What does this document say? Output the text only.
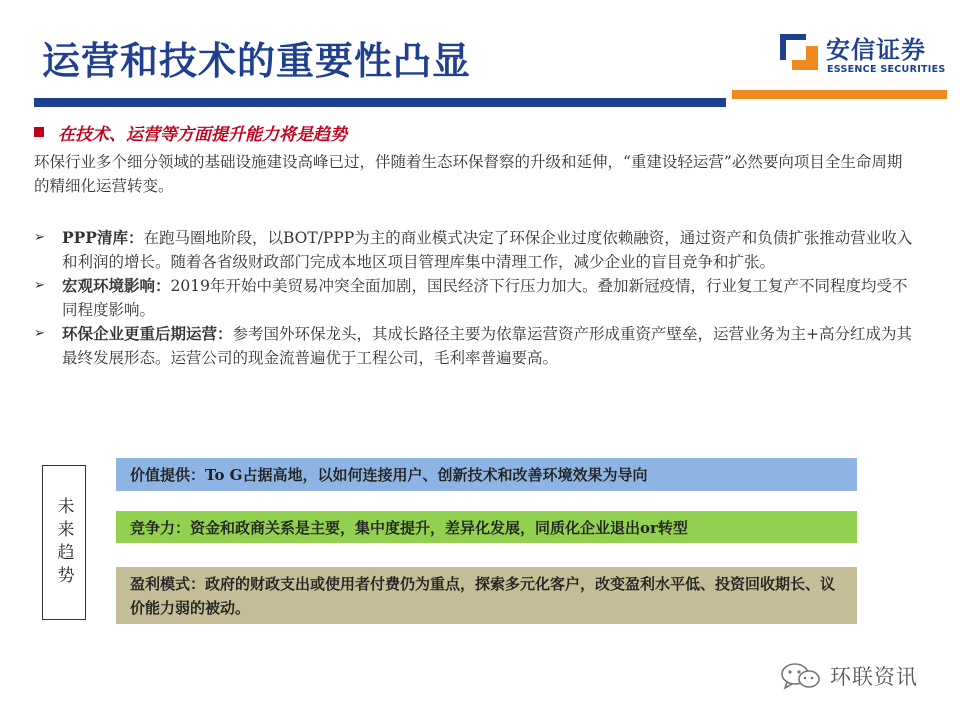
运营和技术的重要性凸显	安信证券
ESSENCE SECURITIES
在技术、运营等方面提升能力将是趋势
环保行业多个细分领域的基础设施建设高峰已过，伴随着生态环保督察的升级和延伸，“重建设轻运营”必然要向项目全生命周期的精细化运营转变。
➢ PPP清库：在跑马圈地阶段，以BOT/PPP为主的商业模式决定了环保企业过度依赖融资，通过资产和负债扩张推动营业收入和利润的增长。随着各省级财政部门完成本地区项目管理库集中清理工作，减少企业的盲目竞争和扩张。
➢ 宏观环境影响：2019年开始中美贸易冲突全面加剧，国民经济下行压力加大。叠加新冠疫情，行业复工复产不同程度均受不同程度影响。
➢ 环保企业更重后期运营：参考国外环保龙头，其成长路径主要为依靠运营资产形成重资产壁垒，运营业务为主+高分红成为其最终发展形态。运营公司的现金流普遍优于工程公司，毛利率普遍要高。
未来趋势
价值提供：To G占据高地，以如何连接用户、创新技术和改善环境效果为导向
竞争力：资金和政商关系是主要，集中度提升，差异化发展，同质化企业退出or转型
盈利模式：政府的财政支出或使用者付费仍为重点，探索多元化客户，改变盈利水平低、投资回收期长、议价能力弱的被动。
环联资讯
